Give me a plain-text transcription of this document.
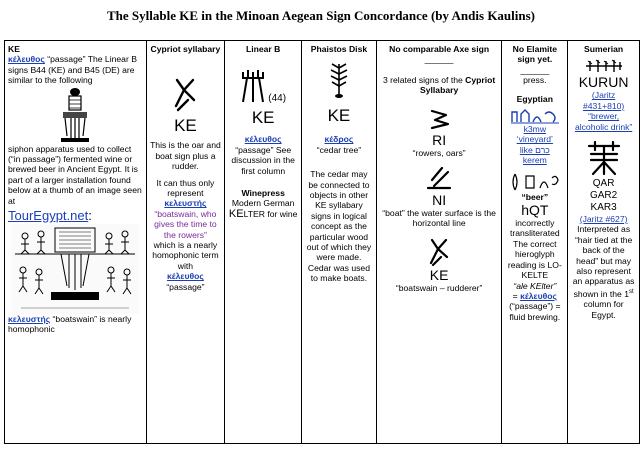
The Syllable KE in the Minoan Aegean Sign Concordance (by Andis Kaulins)

KE

κέλευθος “passage” The Linear B signs B44 (KE) and B45 (DE) are similar to the following

siphon apparatus used to collect (“in passage”) fermented wine or brewed beer in Ancient Egypt. It is part of a larger installation found below at a thumb of an image seen at

TourEgypt.net:

κελευστής “boatswain” is nearly homophonic

Cypriot syllabary

KE

This is the oar and boat sign plus a rudder.

It can thus only represent

κελευστής

“boatswain, who gives the time to the rowers”

which is a nearly homophonic term with

κέλευθος

“passage”

Linear B

(44)

KE

κέλευθος

“passage” See discussion in the first column

Winepress

Modern German

KELTER for wine

Phaistos Disk

KE

κέδρος

“cedar tree”

The cedar may be connected to objects in other KE syllabary signs in logical concept as the particular wood out of which they were made. Cedar was used to make boats.

No comparable Axe sign

______

3 related signs of the Cypriot Syllabary

RI

“rowers, oars”

NI

“boat” the water surface is the horizontal line

KE

“boatswain – rudderer”

No Elamite sign yet.

______

press.

Egyptian

k3mw

‘vineyard’

like כרם

kerem

“beer”

hQT

incorrectly transliterated The correct hieroglyph reading is LO-KELTE

“ale KElter”

= κέλευθος

(“passage”) = fluid brewing.

Sumerian

KURUN

(Jaritz #431+810)

“brewer, alcoholic drink”

QAR

GAR2

KAR3

(Jaritz #627)

Interpreted as “hair tied at the back of the head” but may also represent an apparatus as shown in the 1st column for Egypt.
